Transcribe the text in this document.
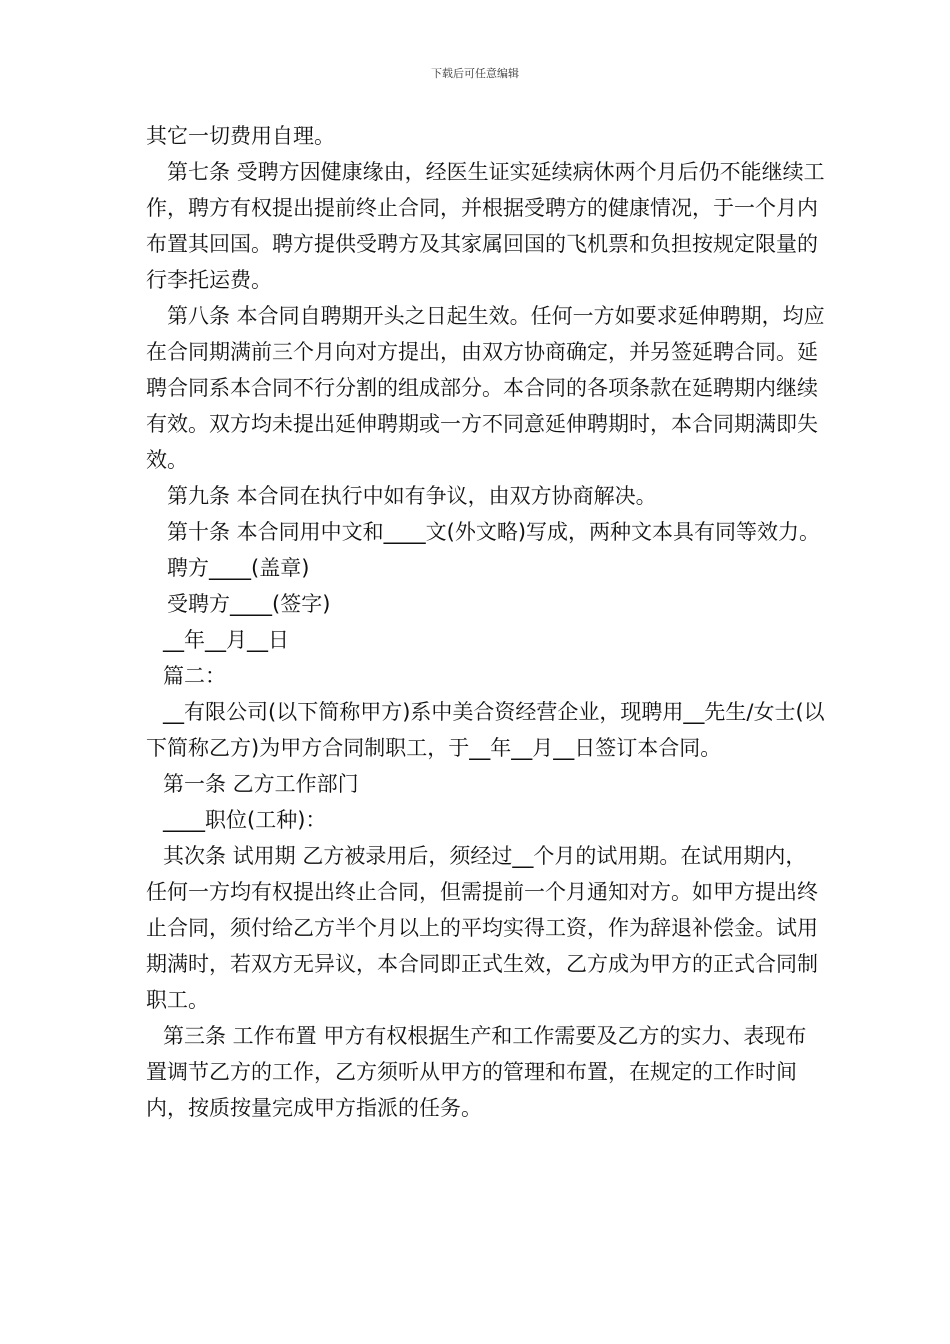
下载后可任意编辑

其它一切费用自理。

第七条 受聘方因健康缘由，经医生证实延续病休两个月后仍不能继续工作，聘方有权提出提前终止合同，并根据受聘方的健康情况，于一个月内布置其回国。聘方提供受聘方及其家属回国的飞机票和负担按规定限量的行李托运费。

第八条 本合同自聘期开头之日起生效。任何一方如要求延伸聘期，均应在合同期满前三个月向对方提出，由双方协商确定，并另签延聘合同。延聘合同系本合同不行分割的组成部分。本合同的各项条款在延聘期内继续有效。双方均未提出延伸聘期或一方不同意延伸聘期时，本合同期满即失效。

第九条 本合同在执行中如有争议，由双方协商解决。

第十条 本合同用中文和____文(外文略)写成，两种文本具有同等效力。

聘方____(盖章)

受聘方____(签字)

__年__月__日

篇二：

__有限公司(以下简称甲方)系中美合资经营企业，现聘用__先生/女士(以下简称乙方)为甲方合同制职工，于__年__月__日签订本合同。

第一条 乙方工作部门

____职位(工种)：

其次条 试用期 乙方被录用后，须经过__个月的试用期。在试用期内，任何一方均有权提出终止合同，但需提前一个月通知对方。如甲方提出终止合同，须付给乙方半个月以上的平均实得工资，作为辞退补偿金。试用期满时，若双方无异议，本合同即正式生效，乙方成为甲方的正式合同制职工。

第三条 工作布置 甲方有权根据生产和工作需要及乙方的实力、表现布置调节乙方的工作，乙方须听从甲方的管理和布置，在规定的工作时间内，按质按量完成甲方指派的任务。
